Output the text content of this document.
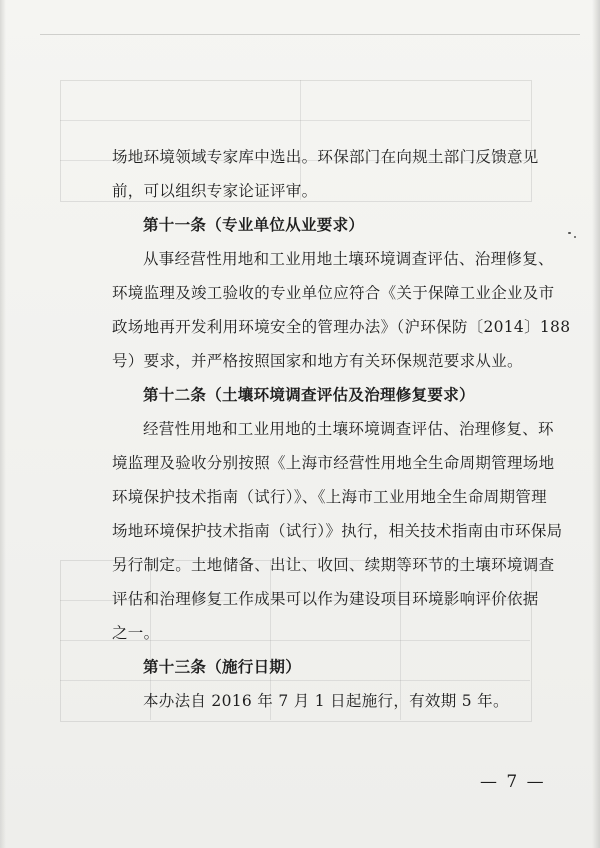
场地环境领域专家库中选出。环保部门在向规土部门反馈意见
前，可以组织专家论证评审。
第十一条（专业单位从业要求）
从事经营性用地和工业用地土壤环境调查评估、治理修复、
环境监理及竣工验收的专业单位应符合《关于保障工业企业及市
政场地再开发利用环境安全的管理办法》（沪环保防〔2014〕188
号）要求，并严格按照国家和地方有关环保规范要求从业。
第十二条（土壤环境调查评估及治理修复要求）
经营性用地和工业用地的土壤环境调查评估、治理修复、环
境监理及验收分别按照《上海市经营性用地全生命周期管理场地
环境保护技术指南（试行）》、《上海市工业用地全生命周期管理
场地环境保护技术指南（试行）》执行，相关技术指南由市环保局
另行制定。土地储备、出让、收回、续期等环节的土壤环境调查
评估和治理修复工作成果可以作为建设项目环境影响评价依据
之一。
第十三条（施行日期）
本办法自 2016 年 7 月 1 日起施行，有效期 5 年。
— 7 —
